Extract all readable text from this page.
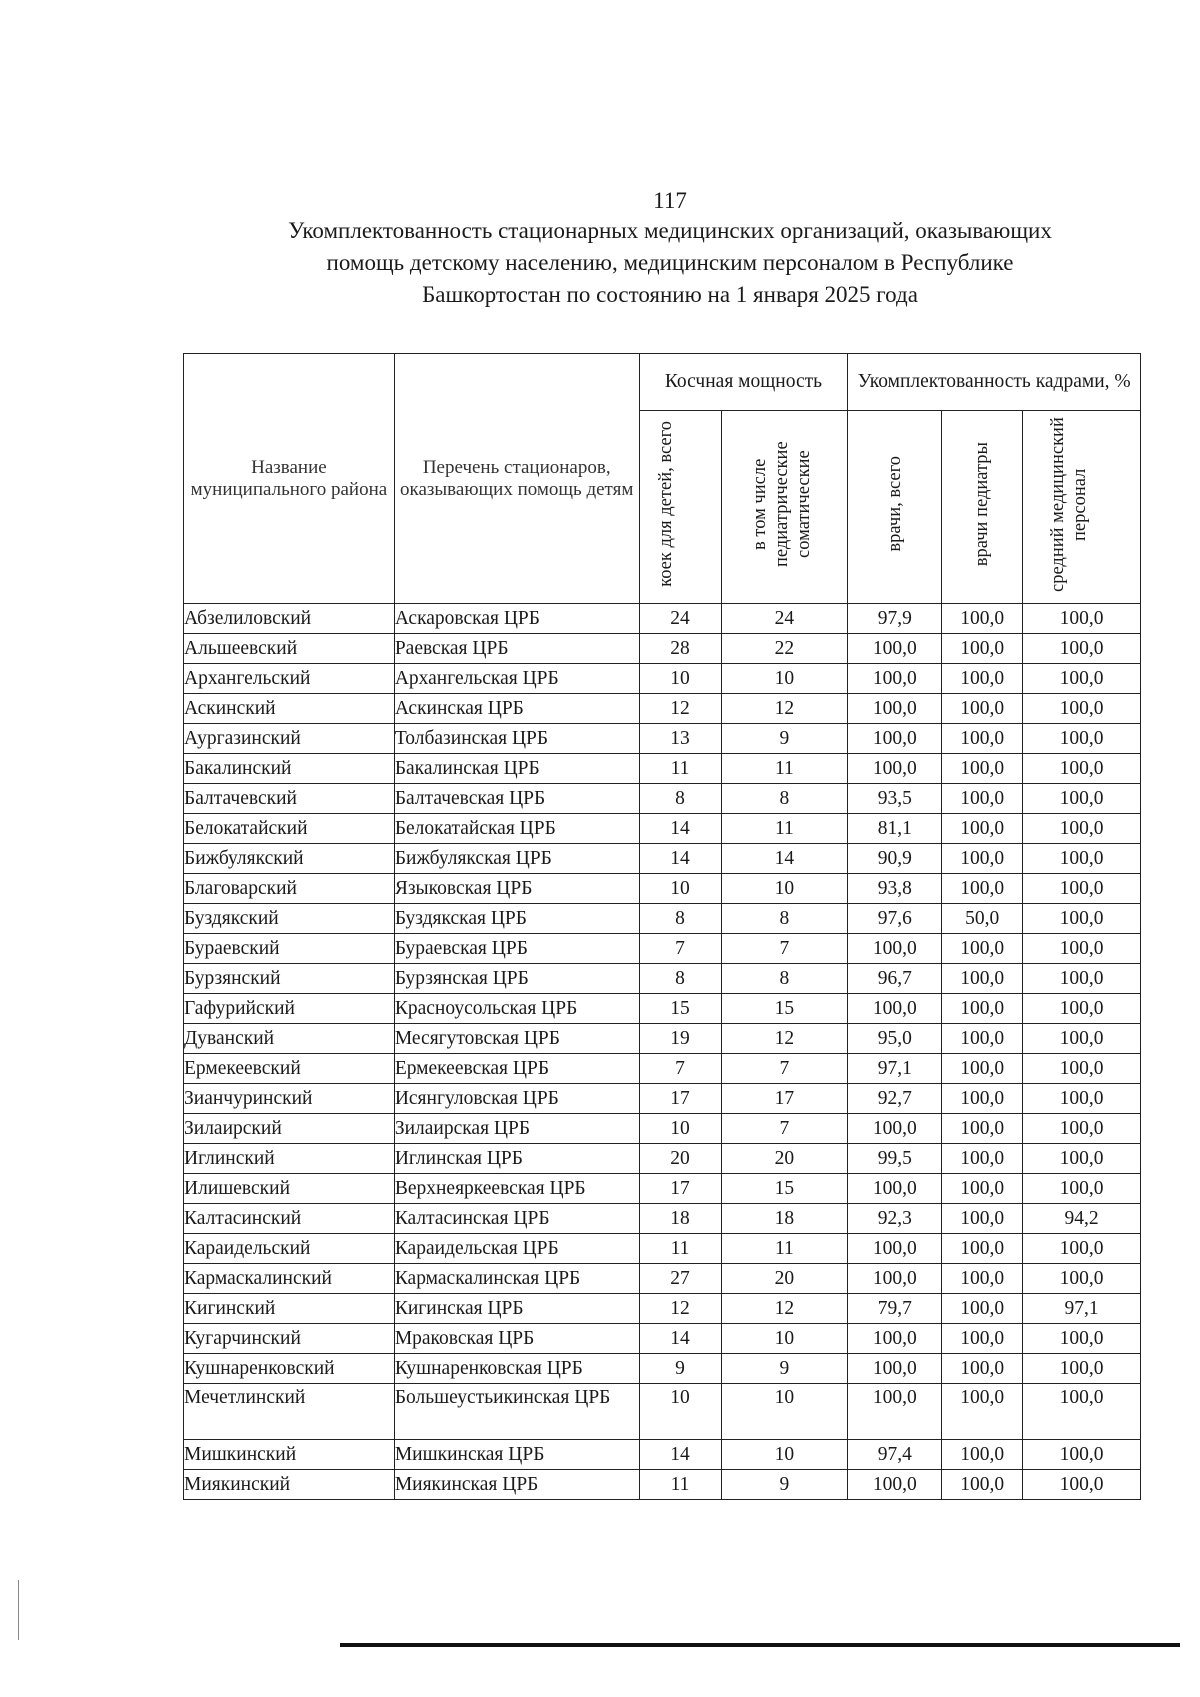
117
Укомплектованность стационарных медицинских организаций, оказывающих
помощь детскому населению, медицинским персоналом в Республике
Башкортостан по состоянию на 1 января 2025 года
Название муниципального района	Перечень стационаров, оказывающих помощь детям	Косчная мощность		Укомплектованность кадрами, %		
		коек для детей, всего	в том числе педиатрические соматические	врачи, всего	врачи педиатры	средний медицинский персонал
Абзелиловский	Аскаровская ЦРБ	24	24	97,9	100,0	100,0
Альшеевский	Раевская ЦРБ	28	22	100,0	100,0	100,0
Архангельский	Архангельская ЦРБ	10	10	100,0	100,0	100,0
Аскинский	Аскинская ЦРБ	12	12	100,0	100,0	100,0
Аургазинский	Толбазинская ЦРБ	13	9	100,0	100,0	100,0
Бакалинский	Бакалинская ЦРБ	11	11	100,0	100,0	100,0
Балтачевский	Балтачевская ЦРБ	8	8	93,5	100,0	100,0
Белокатайский	Белокатайская ЦРБ	14	11	81,1	100,0	100,0
Бижбулякский	Бижбулякская ЦРБ	14	14	90,9	100,0	100,0
Благоварский	Языковская ЦРБ	10	10	93,8	100,0	100,0
Буздякский	Буздякская ЦРБ	8	8	97,6	50,0	100,0
Бураевский	Бураевская ЦРБ	7	7	100,0	100,0	100,0
Бурзянский	Бурзянская ЦРБ	8	8	96,7	100,0	100,0
Гафурийский	Красноусольская ЦРБ	15	15	100,0	100,0	100,0
Дуванский	Месягутовская ЦРБ	19	12	95,0	100,0	100,0
Ермекеевский	Ермекеевская ЦРБ	7	7	97,1	100,0	100,0
Зианчуринский	Исянгуловская ЦРБ	17	17	92,7	100,0	100,0
Зилаирский	Зилаирская ЦРБ	10	7	100,0	100,0	100,0
Иглинский	Иглинская ЦРБ	20	20	99,5	100,0	100,0
Илишевский	Верхнеяркеевская ЦРБ	17	15	100,0	100,0	100,0
Калтасинский	Калтасинская ЦРБ	18	18	92,3	100,0	94,2
Караидельский	Караидельская ЦРБ	11	11	100,0	100,0	100,0
Кармаскалинский	Кармаскалинская ЦРБ	27	20	100,0	100,0	100,0
Кигинский	Кигинская ЦРБ	12	12	79,7	100,0	97,1
Кугарчинский	Мраковская ЦРБ	14	10	100,0	100,0	100,0
Кушнаренковский	Кушнаренковская ЦРБ	9	9	100,0	100,0	100,0
Мечетлинский	Большеустьикинская ЦРБ	10	10	100,0	100,0	100,0
Мишкинский	Мишкинская ЦРБ	14	10	97,4	100,0	100,0
Миякинский	Миякинская ЦРБ	11	9	100,0	100,0	100,0
